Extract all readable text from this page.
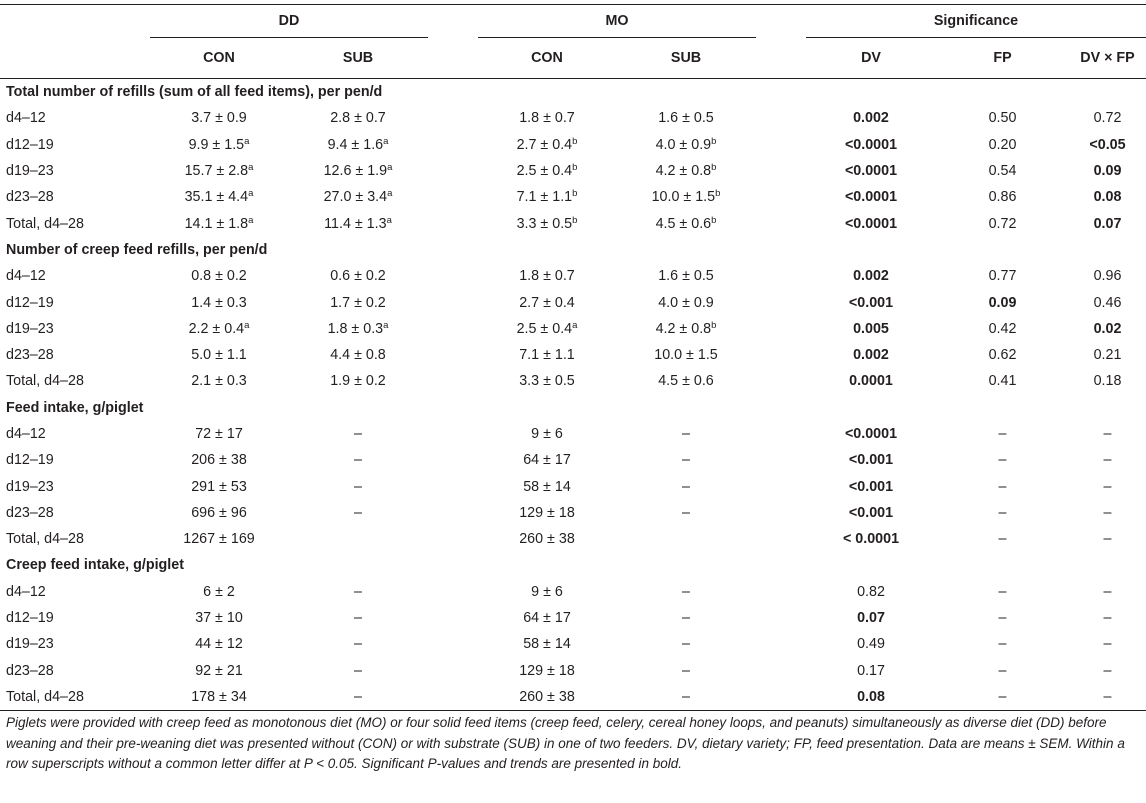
	DD			MO			Significance		
	CON	SUB		CON	SUB		DV	FP	DV × FP

Total number of refills (sum of all feed items), per pen/d									
d4–12	3.7 ± 0.9	2.8 ± 0.7		1.8 ± 0.7	1.6 ± 0.5		0.002	0.50	0.72
d12–19	9.9 ± 1.5$^a$	9.4 ± 1.6$^a$		2.7 ± 0.4$^b$	4.0 ± 0.9$^b$		<0.0001	0.20	<0.05
d19–23	15.7 ± 2.8$^a$	12.6 ± 1.9$^a$		2.5 ± 0.4$^b$	4.2 ± 0.8$^b$		<0.0001	0.54	0.09
d23–28	35.1 ± 4.4$^a$	27.0 ± 3.4$^a$		7.1 ± 1.1$^b$	10.0 ± 1.5$^b$		<0.0001	0.86	0.08
Total, d4–28	14.1 ± 1.8$^a$	11.4 ± 1.3$^a$		3.3 ± 0.5$^b$	4.5 ± 0.6$^b$		<0.0001	0.72	0.07
Number of creep feed refills, per pen/d									
d4–12	0.8 ± 0.2	0.6 ± 0.2		1.8 ± 0.7	1.6 ± 0.5		0.002	0.77	0.96
d12–19	1.4 ± 0.3	1.7 ± 0.2		2.7 ± 0.4	4.0 ± 0.9		<0.001	0.09	0.46
d19–23	2.2 ± 0.4$^a$	1.8 ± 0.3$^a$		2.5 ± 0.4$^a$	4.2 ± 0.8$^b$		0.005	0.42	0.02
d23–28	5.0 ± 1.1	4.4 ± 0.8		7.1 ± 1.1	10.0 ± 1.5		0.002	0.62	0.21
Total, d4–28	2.1 ± 0.3	1.9 ± 0.2		3.3 ± 0.5	4.5 ± 0.6		0.0001	0.41	0.18
Feed intake, g/piglet									
d4–12	72 ± 17	–		9 ± 6	–		<0.0001	–	–
d12–19	206 ± 38	–		64 ± 17	–		<0.001	–	–
d19–23	291 ± 53	–		58 ± 14	–		<0.001	–	–
d23–28	696 ± 96	–		129 ± 18	–		<0.001	–	–
Total, d4–28	1267 ± 169			260 ± 38			< 0.0001	–	–
Creep feed intake, g/piglet									
d4–12	6 ± 2	–		9 ± 6	–		0.82	–	–
d12–19	37 ± 10	–		64 ± 17	–		0.07	–	–
d19–23	44 ± 12	–		58 ± 14	–		0.49	–	–
d23–28	92 ± 21	–		129 ± 18	–		0.17	–	–
Total, d4–28	178 ± 34	–		260 ± 38	–		0.08	–	–

Piglets were provided with creep feed as monotonous diet (MO) or four solid feed items (creep feed, celery, cereal honey loops, and peanuts) simultaneously as diverse diet (DD) before weaning and their pre-weaning diet was presented without (CON) or with substrate (SUB) in one of two feeders. DV, dietary variety; FP, feed presentation. Data are means ± SEM. Within a row superscripts without a common letter differ at P < 0.05. Significant P-values and trends are presented in bold.
